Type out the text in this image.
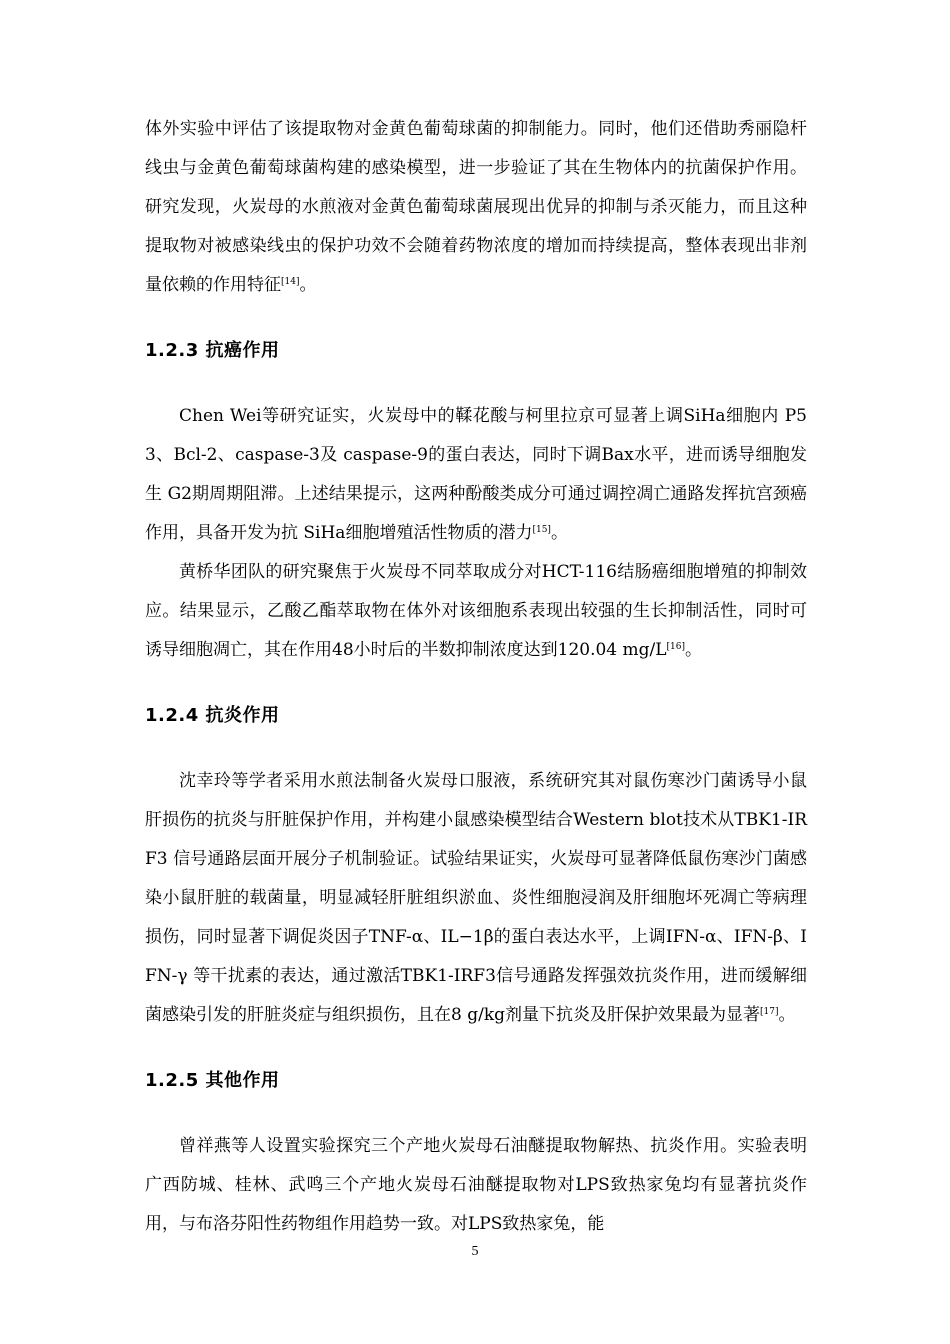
体外实验中评估了该提取物对金黄色葡萄球菌的抑制能力。同时，他们还借助秀丽隐杆线虫与金黄色葡萄球菌构建的感染模型，进一步验证了其在生物体内的抗菌保护作用。研究发现，火炭母的水煎液对金黄色葡萄球菌展现出优异的抑制与杀灭能力，而且这种提取物对被感染线虫的保护功效不会随着药物浓度的增加而持续提高，整体表现出非剂量依赖的作用特征[14]。

1.2.3 抗癌作用

Chen Wei等研究证实，火炭母中的鞣花酸与柯里拉京可显著上调SiHa细胞内 P53、Bcl-2、caspase-3及 caspase-9的蛋白表达，同时下调Bax水平，进而诱导细胞发生 G2期周期阻滞。上述结果提示，这两种酚酸类成分可通过调控凋亡通路发挥抗宫颈癌作用，具备开发为抗 SiHa细胞增殖活性物质的潜力[15]。

黄桥华团队的研究聚焦于火炭母不同萃取成分对HCT-116结肠癌细胞增殖的抑制效应。结果显示，乙酸乙酯萃取物在体外对该细胞系表现出较强的生长抑制活性，同时可诱导细胞凋亡，其在作用48小时后的半数抑制浓度达到120.04 mg/L[16]。

1.2.4 抗炎作用

沈幸玲等学者采用水煎法制备火炭母口服液，系统研究其对鼠伤寒沙门菌诱导小鼠肝损伤的抗炎与肝脏保护作用，并构建小鼠感染模型结合Western blot技术从TBK1-IRF3 信号通路层面开展分子机制验证。试验结果证实，火炭母可显著降低鼠伤寒沙门菌感染小鼠肝脏的载菌量，明显减轻肝脏组织淤血、炎性细胞浸润及肝细胞坏死凋亡等病理损伤，同时显著下调促炎因子TNF-α、IL−1β的蛋白表达水平，上调IFN-α、IFN-β、IFN-γ 等干扰素的表达，通过激活TBK1-IRF3信号通路发挥强效抗炎作用，进而缓解细菌感染引发的肝脏炎症与组织损伤，且在8 g/kg剂量下抗炎及肝保护效果最为显著[17]。

1.2.5 其他作用

曾祥燕等人设置实验探究三个产地火炭母石油醚提取物解热、抗炎作用。实验表明广西防城、桂林、武鸣三个产地火炭母石油醚提取物对LPS致热家兔均有显著抗炎作用，与布洛芬阳性药物组作用趋势一致。对LPS致热家兔，能

5
